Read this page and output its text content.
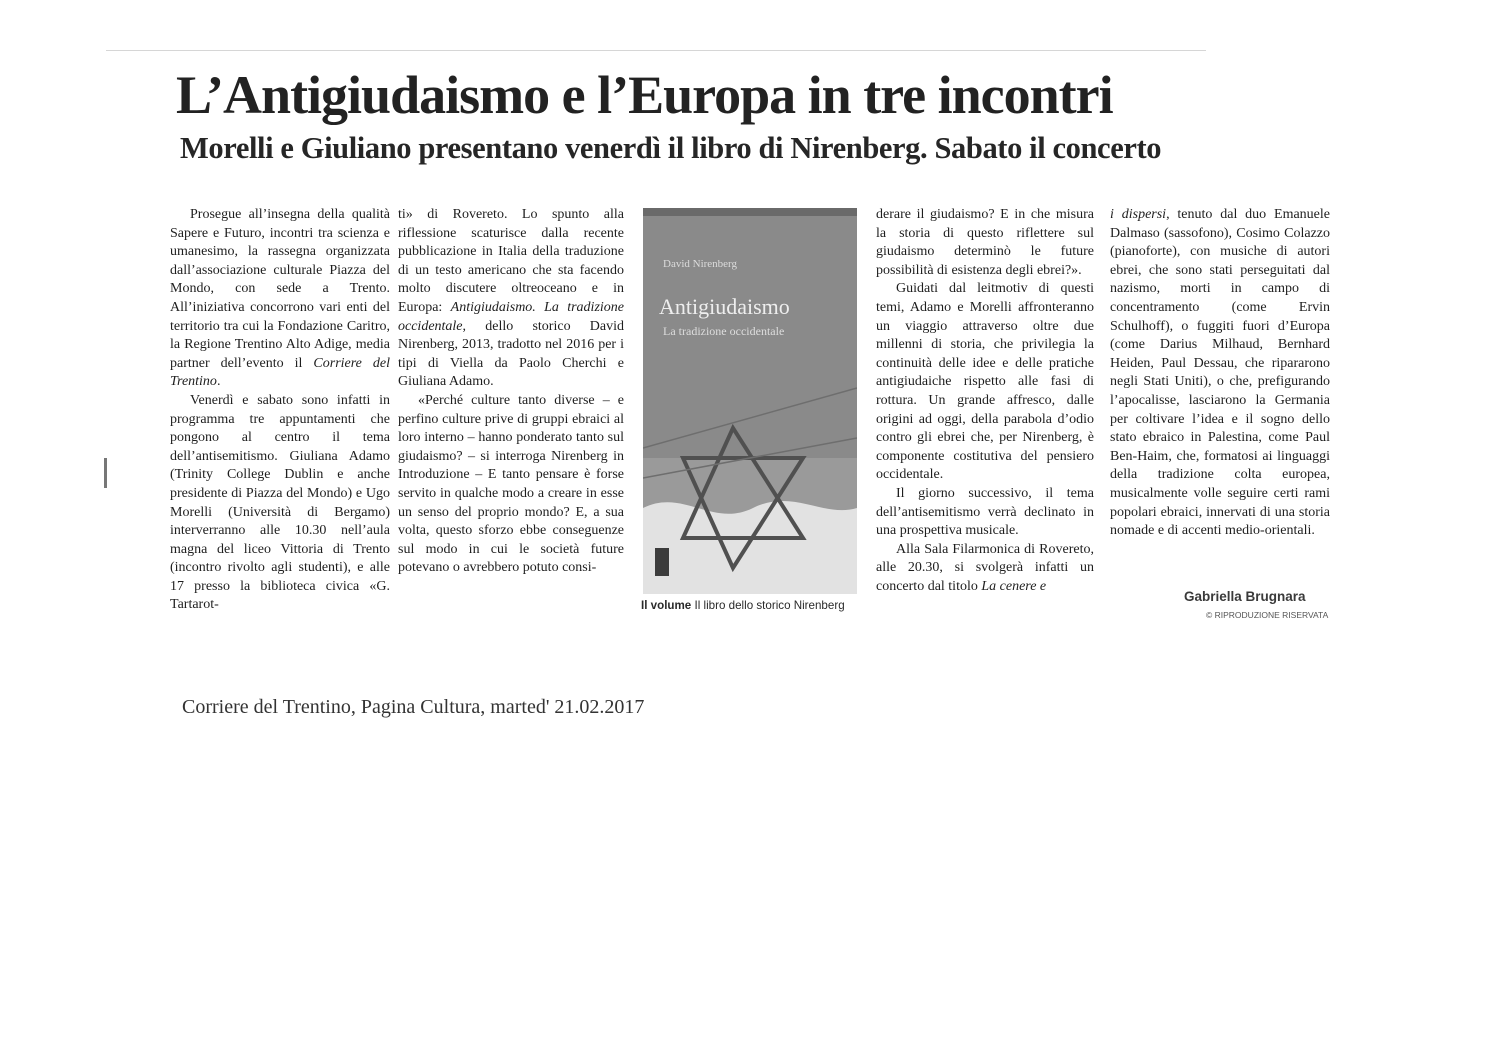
L’Antigiudaismo e l’Europa in tre incontri
Morelli e Giuliano presentano venerdì il libro di Nirenberg. Sabato il concerto

Prosegue all’insegna della qualità Sapere e Futuro, incontri tra scienza e umanesimo, la rassegna organizzata dall’associazione culturale Piazza del Mondo, con sede a Trento. All’iniziativa concorrono vari enti del territorio tra cui la Fondazione Caritro, la Regione Trentino Alto Adige, media partner dell’evento il Corriere del Trentino.

Venerdì e sabato sono infatti in programma tre appuntamenti che pongono al centro il tema dell’antisemitismo. Giuliana Adamo (Trinity College Dublin e anche presidente di Piazza del Mondo) e Ugo Morelli (Università di Bergamo) interverranno alle 10.30 nell’aula magna del liceo Vittoria di Trento (incontro rivolto agli studenti), e alle 17 presso la biblioteca civica «G. Tartarot-

ti» di Rovereto. Lo spunto alla riflessione scaturisce dalla recente pubblicazione in Italia della traduzione di un testo americano che sta facendo molto discutere oltreoceano e in Europa: Antigiudaismo. La tradizione occidentale, dello storico David Nirenberg, 2013, tradotto nel 2016 per i tipi di Viella da Paolo Cherchi e Giuliana Adamo.

«Perché culture tanto diverse – e perfino culture prive di gruppi ebraici al loro interno – hanno ponderato tanto sul giudaismo? – si interroga Nirenberg in Introduzione – E tanto pensare è forse servito in qualche modo a creare in esse un senso del proprio mondo? E, a sua volta, questo sforzo ebbe conseguenze sul modo in cui le società future potevano o avrebbero potuto consi-

David Nirenberg
Antigiudaismo
La tradizione occidentale
Il volume Il libro dello storico Nirenberg

derare il giudaismo? E in che misura la storia di questo riflettere sul giudaismo determinò le future possibilità di esistenza degli ebrei?».

Guidati dal leitmotiv di questi temi, Adamo e Morelli affronteranno un viaggio attraverso oltre due millenni di storia, che privilegia la continuità delle idee e delle pratiche antigiudaiche rispetto alle fasi di rottura. Un grande affresco, dalle origini ad oggi, della parabola d’odio contro gli ebrei che, per Nirenberg, è componente costitutiva del pensiero occidentale.

Il giorno successivo, il tema dell’antisemitismo verrà declinato in una prospettiva musicale.

Alla Sala Filarmonica di Rovereto, alle 20.30, si svolgerà infatti un concerto dal titolo La cenere e

i dispersi, tenuto dal duo Emanuele Dalmaso (sassofono), Cosimo Colazzo (pianoforte), con musiche di autori ebrei, che sono stati perseguitati dal nazismo, morti in campo di concentramento (come Ervin Schulhoff), o fuggiti fuori d’Europa (come Darius Milhaud, Bernhard Heiden, Paul Dessau, che ripararono negli Stati Uniti), o che, prefigurando l’apocalisse, lasciarono la Germania per coltivare l’idea e il sogno dello stato ebraico in Palestina, come Paul Ben-Haim, che, formatosi ai linguaggi della tradizione colta europea, musicalmente volle seguire certi rami popolari ebraici, innervati di una storia nomade e di accenti medio-orientali.

Gabriella Brugnara
© RIPRODUZIONE RISERVATA
Corriere del Trentino, Pagina Cultura, marted' 21.02.2017
